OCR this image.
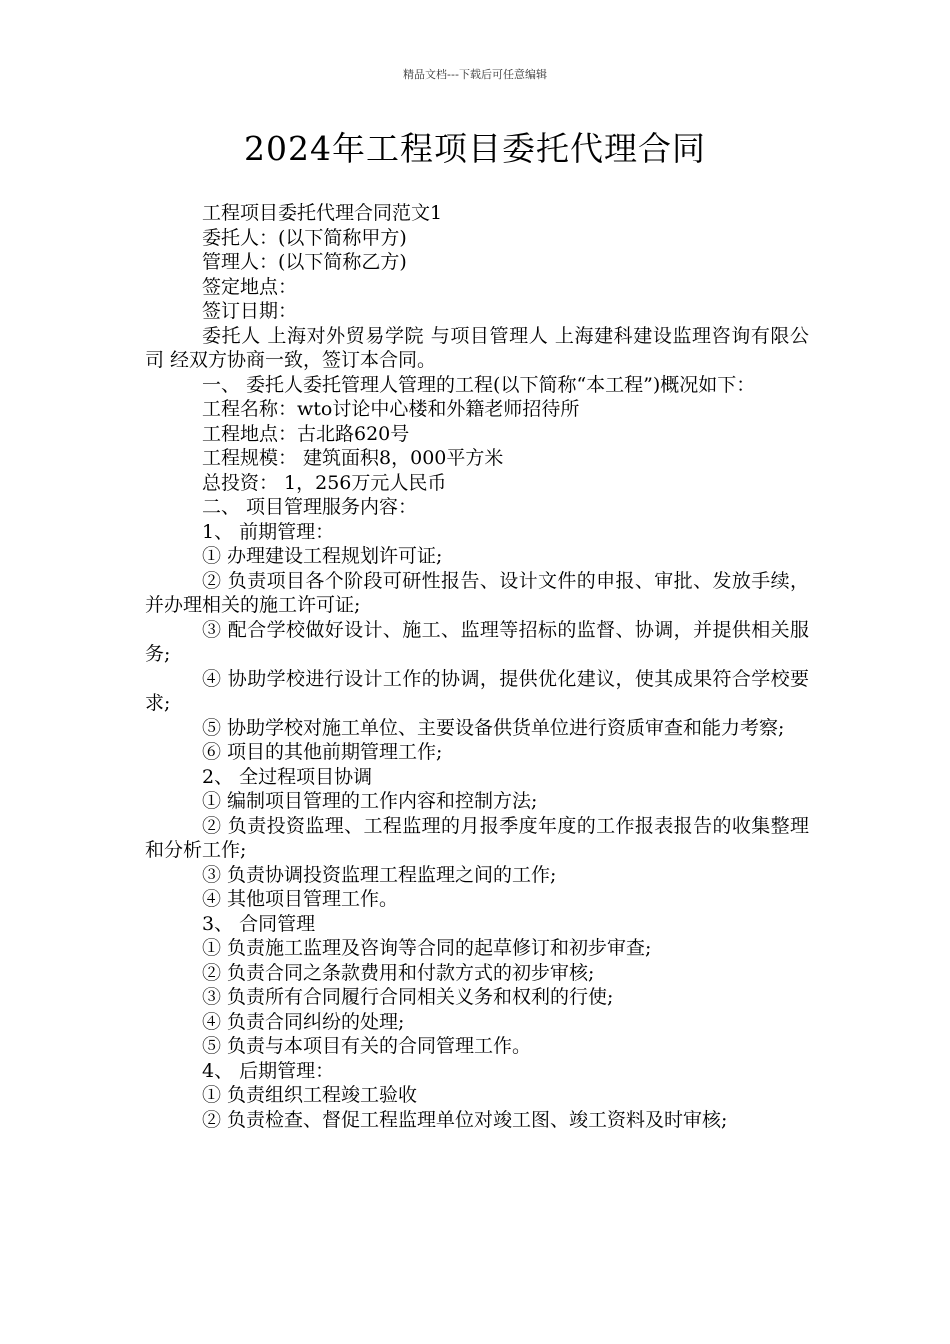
精品文档---下载后可任意编辑
2024年工程项目委托代理合同

工程项目委托代理合同范文1

委托人：(以下简称甲方)

管理人：(以下简称乙方)

签定地点：

签订日期：

委托人 上海对外贸易学院 与项目管理人 上海建科建设监理咨询有限公司 经双方协商一致，签订本合同。

一、 委托人委托管理人管理的工程(以下简称“本工程”)概况如下：

工程名称：wto讨论中心楼和外籍老师招待所

工程地点：古北路620号

工程规模： 建筑面积8，000平方米

总投资： 1，256万元人民币

二、 项目管理服务内容：

1、 前期管理：

① 办理建设工程规划许可证;

② 负责项目各个阶段可研性报告、设计文件的申报、审批、发放手续，并办理相关的施工许可证;

③ 配合学校做好设计、施工、监理等招标的监督、协调，并提供相关服务;

④ 协助学校进行设计工作的协调，提供优化建议，使其成果符合学校要求;

⑤ 协助学校对施工单位、主要设备供货单位进行资质审查和能力考察;

⑥ 项目的其他前期管理工作;

2、 全过程项目协调

① 编制项目管理的工作内容和控制方法;

② 负责投资监理、工程监理的月报季度年度的工作报表报告的收集整理和分析工作;

③ 负责协调投资监理工程监理之间的工作;

④ 其他项目管理工作。

3、 合同管理

① 负责施工监理及咨询等合同的起草修订和初步审查;

② 负责合同之条款费用和付款方式的初步审核;

③ 负责所有合同履行合同相关义务和权利的行使;

④ 负责合同纠纷的处理;

⑤ 负责与本项目有关的合同管理工作。

4、 后期管理：

① 负责组织工程竣工验收

② 负责检查、督促工程监理单位对竣工图、竣工资料及时审核;
